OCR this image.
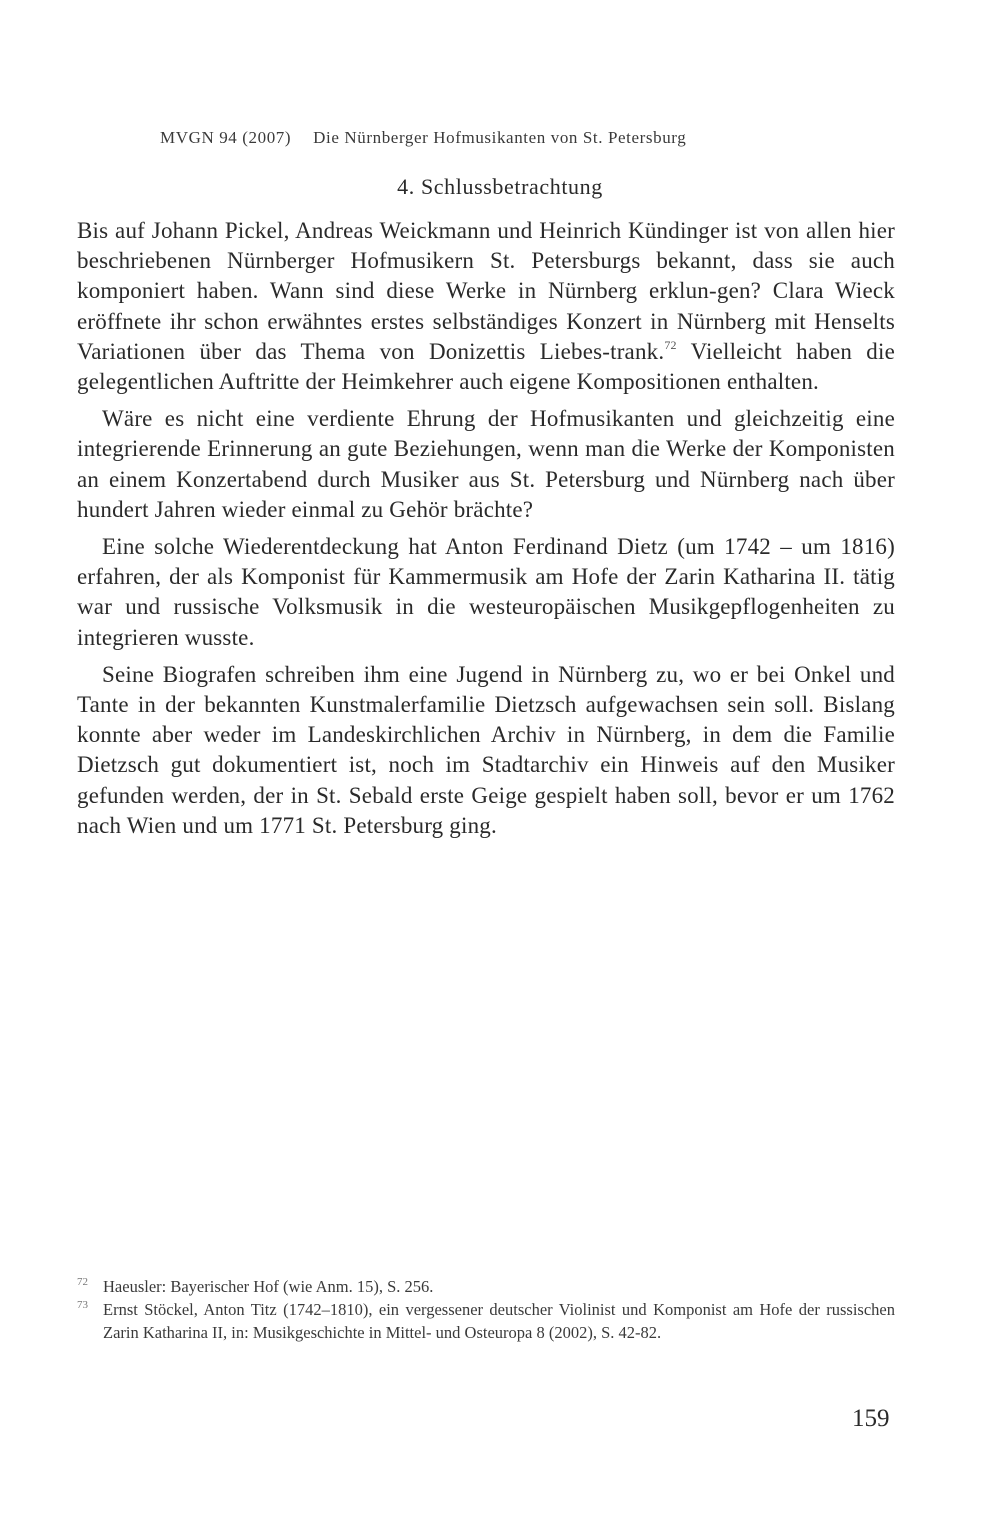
MVGN 94 (2007) Die Nürnberger Hofmusikanten von St. Petersburg
4. Schlussbetrachtung

Bis auf Johann Pickel, Andreas Weickmann und Heinrich Kündinger ist von allen hier beschriebenen Nürnberger Hofmusikern St. Petersburgs bekannt, dass sie auch komponiert haben. Wann sind diese Werke in Nürnberg erklun-gen? Clara Wieck eröffnete ihr schon erwähntes erstes selbständiges Konzert in Nürnberg mit Henselts Variationen über das Thema von Donizettis Liebes-trank.$^{72}$ Vielleicht haben die gelegentlichen Auftritte der Heimkehrer auch eigene Kompositionen enthalten.

Wäre es nicht eine verdiente Ehrung der Hofmusikanten und gleichzeitig eine integrierende Erinnerung an gute Beziehungen, wenn man die Werke der Komponisten an einem Konzertabend durch Musiker aus St. Petersburg und Nürnberg nach über hundert Jahren wieder einmal zu Gehör brächte?

Eine solche Wiederentdeckung hat Anton Ferdinand Dietz (um 1742 – um 1816) erfahren, der als Komponist für Kammermusik am Hofe der Zarin Katharina II. tätig war und russische Volksmusik in die westeuropäischen Musikgepflogenheiten zu integrieren wusste.

Seine Biografen schreiben ihm eine Jugend in Nürnberg zu, wo er bei Onkel und Tante in der bekannten Kunstmalerfamilie Dietzsch aufgewachsen sein soll. Bislang konnte aber weder im Landeskirchlichen Archiv in Nürnberg, in dem die Familie Dietzsch gut dokumentiert ist, noch im Stadtarchiv ein Hinweis auf den Musiker gefunden werden, der in St. Sebald erste Geige gespielt haben soll, bevor er um 1762 nach Wien und um 1771 St. Petersburg ging.

72 Haeusler: Bayerischer Hof (wie Anm. 15), S. 256.

73 Ernst Stöckel, Anton Titz (1742–1810), ein vergessener deutscher Violinist und Komponist am Hofe der russischen Zarin Katharina II, in: Musikgeschichte in Mittel- und Osteuropa 8 (2002), S. 42-82.

159
